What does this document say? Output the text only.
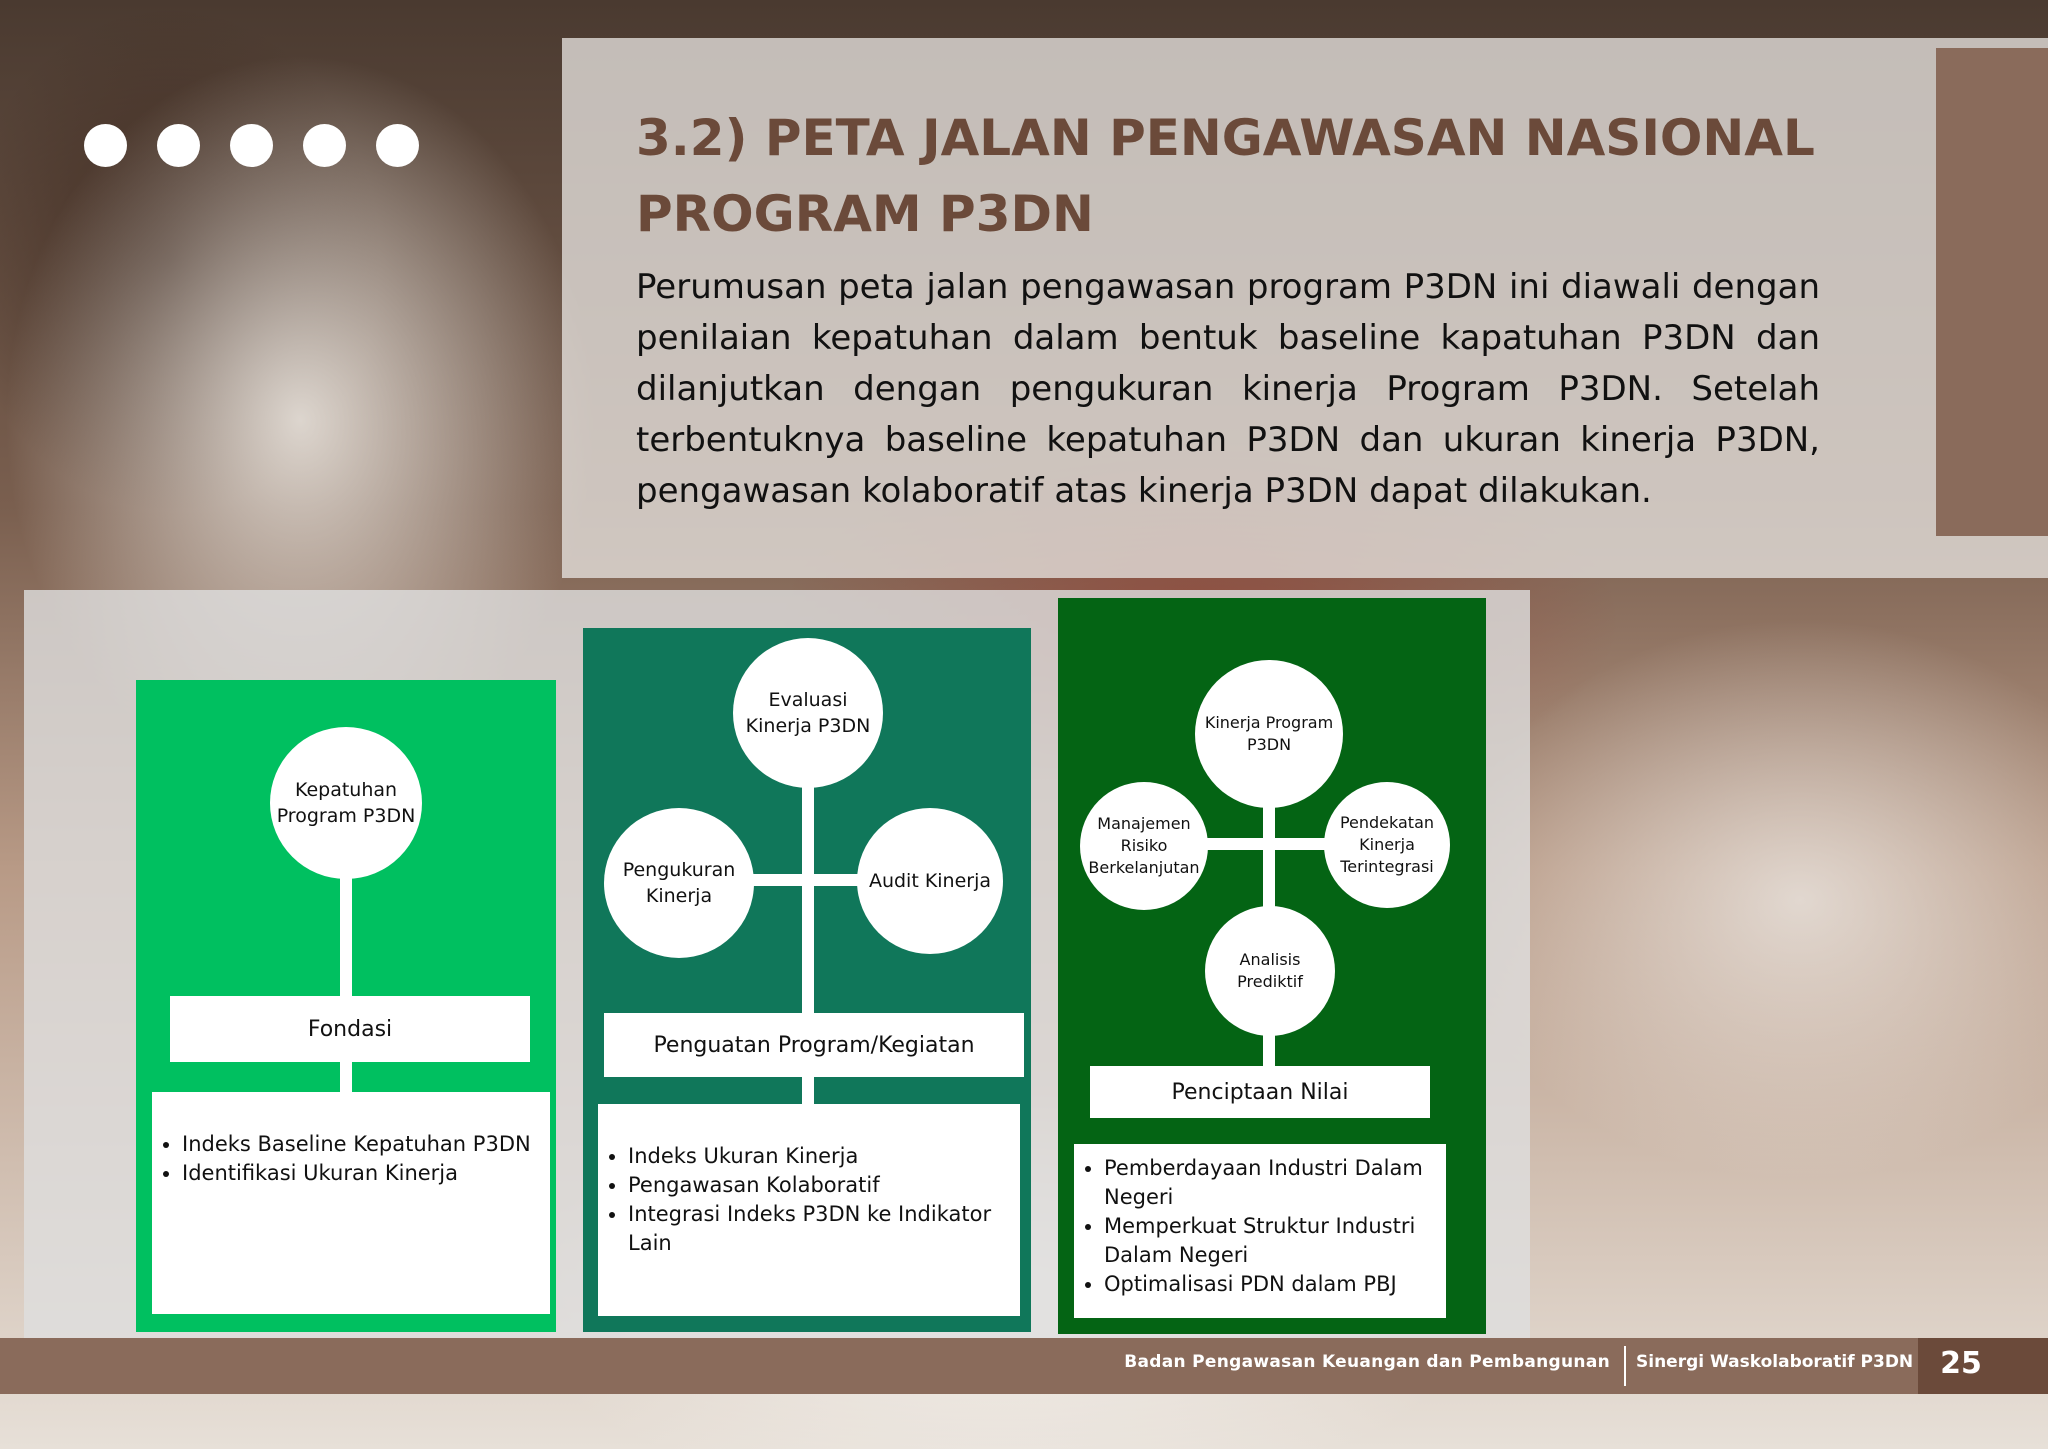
3.2) PETA JALAN PENGAWASAN NASIONAL
PROGRAM P3DN

Perumusan peta jalan pengawasan program P3DN ini diawali dengan penilaian kepatuhan dalam bentuk baseline kapatuhan P3DN dan dilanjutkan dengan pengukuran kinerja Program P3DN. Setelah terbentuknya baseline kepatuhan P3DN dan ukuran kinerja P3DN, pengawasan kolaboratif atas kinerja P3DN dapat dilakukan.

Kepatuhan Program P3DN
Fondasi
• Indeks Baseline Kepatuhan P3DN
• Identifikasi Ukuran Kinerja
Evaluasi Kinerja P3DN
Pengukuran Kinerja
Audit Kinerja
Penguatan Program/Kegiatan
• Indeks Ukuran Kinerja
• Pengawasan Kolaboratif
• Integrasi Indeks P3DN ke Indikator Lain
Kinerja Program P3DN
Manajemen Risiko Berkelanjutan
Pendekatan Kinerja Terintegrasi
Analisis Prediktif
Penciptaan Nilai
• Pemberdayaan Industri Dalam Negeri
• Memperkuat Struktur Industri Dalam Negeri
• Optimalisasi PDN dalam PBJ
Badan Pengawasan Keuangan dan Pembangunan Sinergi Waskolaboratif P3DN 25
